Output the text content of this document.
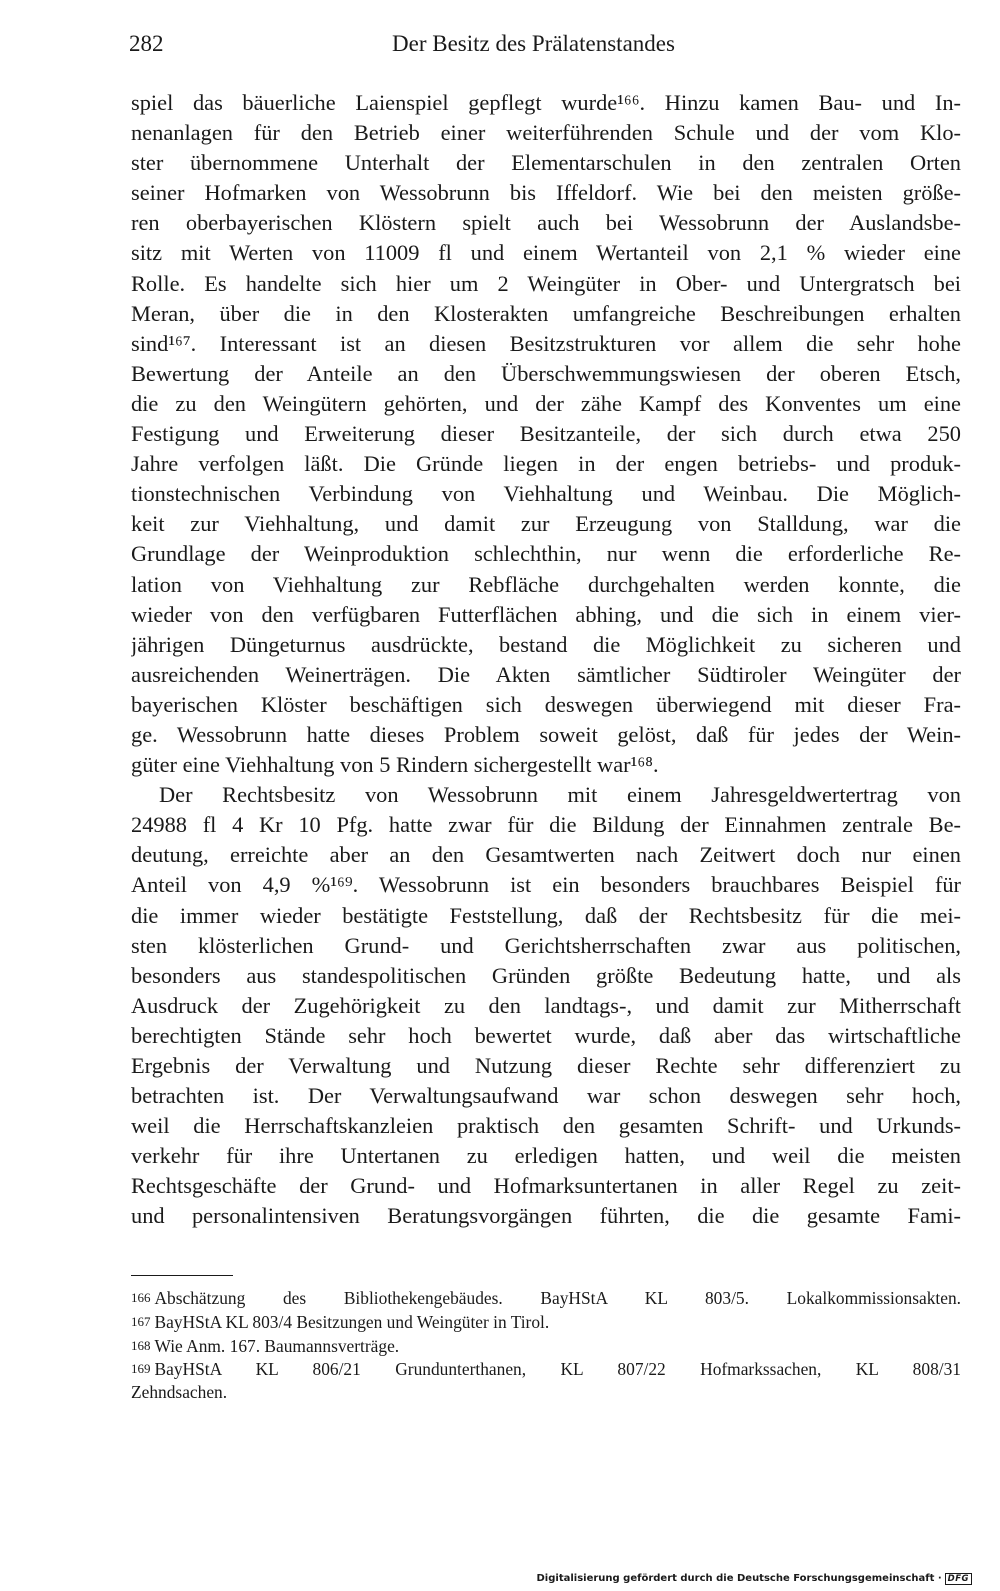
282	Der Besitz des Prälatenstandes
spiel das bäuerliche Laienspiel gepflegt wurde¹⁶⁶. Hinzu kamen Bau- und In-
nenanlagen für den Betrieb einer weiterführenden Schule und der vom Klo-
ster übernommene Unterhalt der Elementarschulen in den zentralen Orten
seiner Hofmarken von Wessobrunn bis Iffeldorf. Wie bei den meisten größe-
ren oberbayerischen Klöstern spielt auch bei Wessobrunn der Auslandsbe-
sitz mit Werten von 11009 fl und einem Wertanteil von 2,1 % wieder eine
Rolle. Es handelte sich hier um 2 Weingüter in Ober- und Untergratsch bei
Meran, über die in den Klosterakten umfangreiche Beschreibungen erhalten
sind¹⁶⁷. Interessant ist an diesen Besitzstrukturen vor allem die sehr hohe
Bewertung der Anteile an den Überschwemmungswiesen der oberen Etsch,
die zu den Weingütern gehörten, und der zähe Kampf des Konventes um eine
Festigung und Erweiterung dieser Besitzanteile, der sich durch etwa 250
Jahre verfolgen läßt. Die Gründe liegen in der engen betriebs- und produk-
tionstechnischen Verbindung von Viehhaltung und Weinbau. Die Möglich-
keit zur Viehhaltung, und damit zur Erzeugung von Stalldung, war die
Grundlage der Weinproduktion schlechthin, nur wenn die erforderliche Re-
lation von Viehhaltung zur Rebfläche durchgehalten werden konnte, die
wieder von den verfügbaren Futterflächen abhing, und die sich in einem vier-
jährigen Düngeturnus ausdrückte, bestand die Möglichkeit zu sicheren und
ausreichenden Weinerträgen. Die Akten sämtlicher Südtiroler Weingüter der
bayerischen Klöster beschäftigen sich deswegen überwiegend mit dieser Fra-
ge. Wessobrunn hatte dieses Problem soweit gelöst, daß für jedes der Wein-
güter eine Viehhaltung von 5 Rindern sichergestellt war¹⁶⁸.
Der Rechtsbesitz von Wessobrunn mit einem Jahresgeldwertertrag von
24988 fl 4 Kr 10 Pfg. hatte zwar für die Bildung der Einnahmen zentrale Be-
deutung, erreichte aber an den Gesamtwerten nach Zeitwert doch nur einen
Anteil von 4,9 %¹⁶⁹. Wessobrunn ist ein besonders brauchbares Beispiel für
die immer wieder bestätigte Feststellung, daß der Rechtsbesitz für die mei-
sten klösterlichen Grund- und Gerichtsherrschaften zwar aus politischen,
besonders aus standespolitischen Gründen größte Bedeutung hatte, und als
Ausdruck der Zugehörigkeit zu den landtags-, und damit zur Mitherrschaft
berechtigten Stände sehr hoch bewertet wurde, daß aber das wirtschaftliche
Ergebnis der Verwaltung und Nutzung dieser Rechte sehr differenziert zu
betrachten ist. Der Verwaltungsaufwand war schon deswegen sehr hoch,
weil die Herrschaftskanzleien praktisch den gesamten Schrift- und Urkunds-
verkehr für ihre Untertanen zu erledigen hatten, und weil die meisten
Rechtsgeschäfte der Grund- und Hofmarksuntertanen in aller Regel zu zeit-
und personalintensiven Beratungsvorgängen führten, die die gesamte Fami-
166 Abschätzung des Bibliothekengebäudes. BayHStA KL 803/5. Lokalkommissionsakten.
167 BayHStA KL 803/4 Besitzungen und Weingüter in Tirol.
168 Wie Anm. 167. Baumannsverträge.
169 BayHStA KL 806/21 Grundunterthanen, KL 807/22 Hofmarkssachen, KL 808/31
Zehndsachen.
Digitalisierung gefördert durch die Deutsche Forschungsgemeinschaft · DFG
